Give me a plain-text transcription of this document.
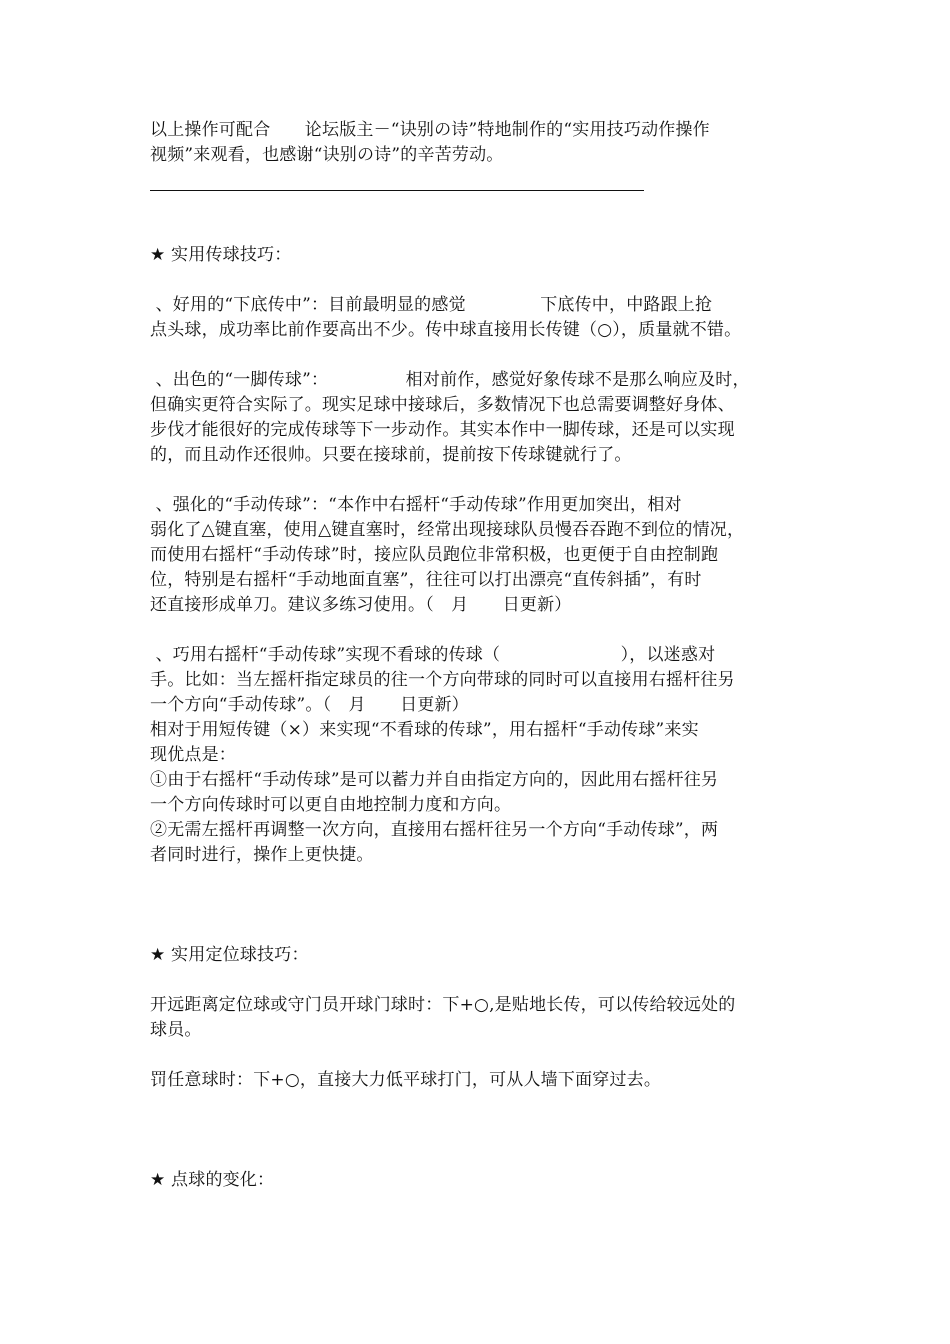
以上操作可配合　　论坛版主－“诀别の诗”特地制作的“实用技巧动作操作
视频”来观看，也感谢“诀别の诗”的辛苦劳动。
★ 实用传球技巧：
、好用的“下底传中”：目前最明显的感觉　　　　 下底传中，中路跟上抢
点头球，成功率比前作要高出不少。传中球直接用长传键（○），质量就不错。
、出色的“一脚传球”：　　　　　相对前作，感觉好象传球不是那么响应及时，
但确实更符合实际了。现实足球中接球后，多数情况下也总需要调整好身体、
步伐才能很好的完成传球等下一步动作。其实本作中一脚传球，还是可以实现
的，而且动作还很帅。只要在接球前，提前按下传球键就行了。
、强化的“手动传球”：“本作中右摇杆“手动传球”作用更加突出，相对
弱化了△键直塞，使用△键直塞时，经常出现接球队员慢吞吞跑不到位的情况，
而使用右摇杆“手动传球”时，接应队员跑位非常积极，也更便于自由控制跑
位，特别是右摇杆“手动地面直塞”，往往可以打出漂亮“直传斜插”，有时
还直接形成单刀。建议多练习使用。（　月　　日更新）
、巧用右摇杆“手动传球”实现不看球的传球（　　　　　　　），以迷惑对
手。比如：当左摇杆指定球员的往一个方向带球的同时可以直接用右摇杆往另
一个方向“手动传球”。（　月　　日更新）
相对于用短传键（×）来实现“不看球的传球”，用右摇杆“手动传球”来实
现优点是：
①由于右摇杆“手动传球”是可以蓄力并自由指定方向的，因此用右摇杆往另
一个方向传球时可以更自由地控制力度和方向。
②无需左摇杆再调整一次方向，直接用右摇杆往另一个方向“手动传球”，两
者同时进行，操作上更快捷。
★ 实用定位球技巧：
开远距离定位球或守门员开球门球时：下+○,是贴地长传，可以传给较远处的
球员。
罚任意球时：下+○，直接大力低平球打门，可从人墙下面穿过去。
★ 点球的变化：
